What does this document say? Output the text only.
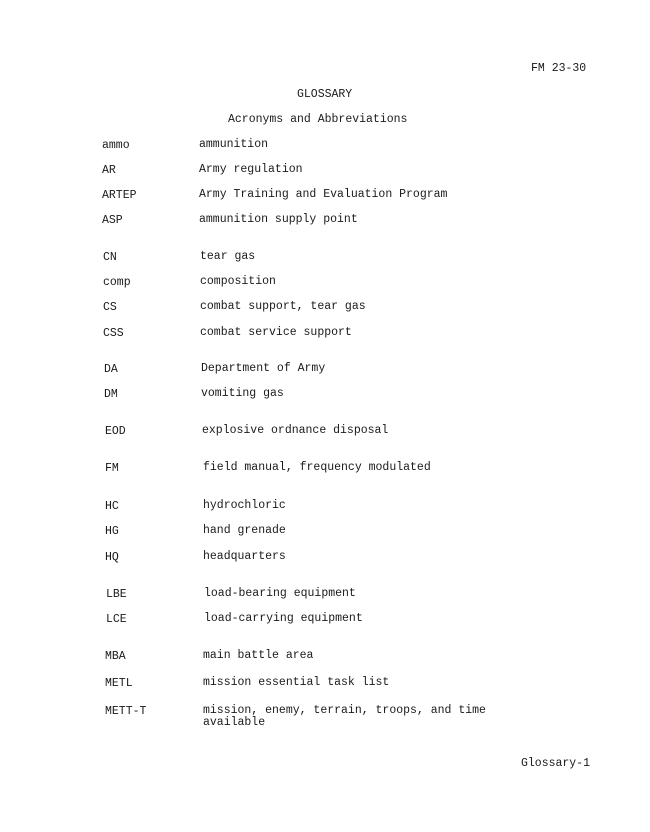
FM 23-30
GLOSSARY
Acronyms and Abbreviations
ammo	ammunition
AR	Army regulation
ARTEP	Army Training and Evaluation Program
ASP	ammunition supply point
CN	tear gas
comp	composition
CS	combat support, tear gas
CSS	combat service support
DA	Department of Army
DM	vomiting gas
EOD	explosive ordnance disposal
FM	field manual, frequency modulated
HC	hydrochloric
HG	hand grenade
HQ	headquarters
LBE	load-bearing equipment
LCE	load-carrying equipment
MBA	main battle area
METL	mission essential task list
METT-T	mission, enemy, terrain, troops, and time available
Glossary-1
